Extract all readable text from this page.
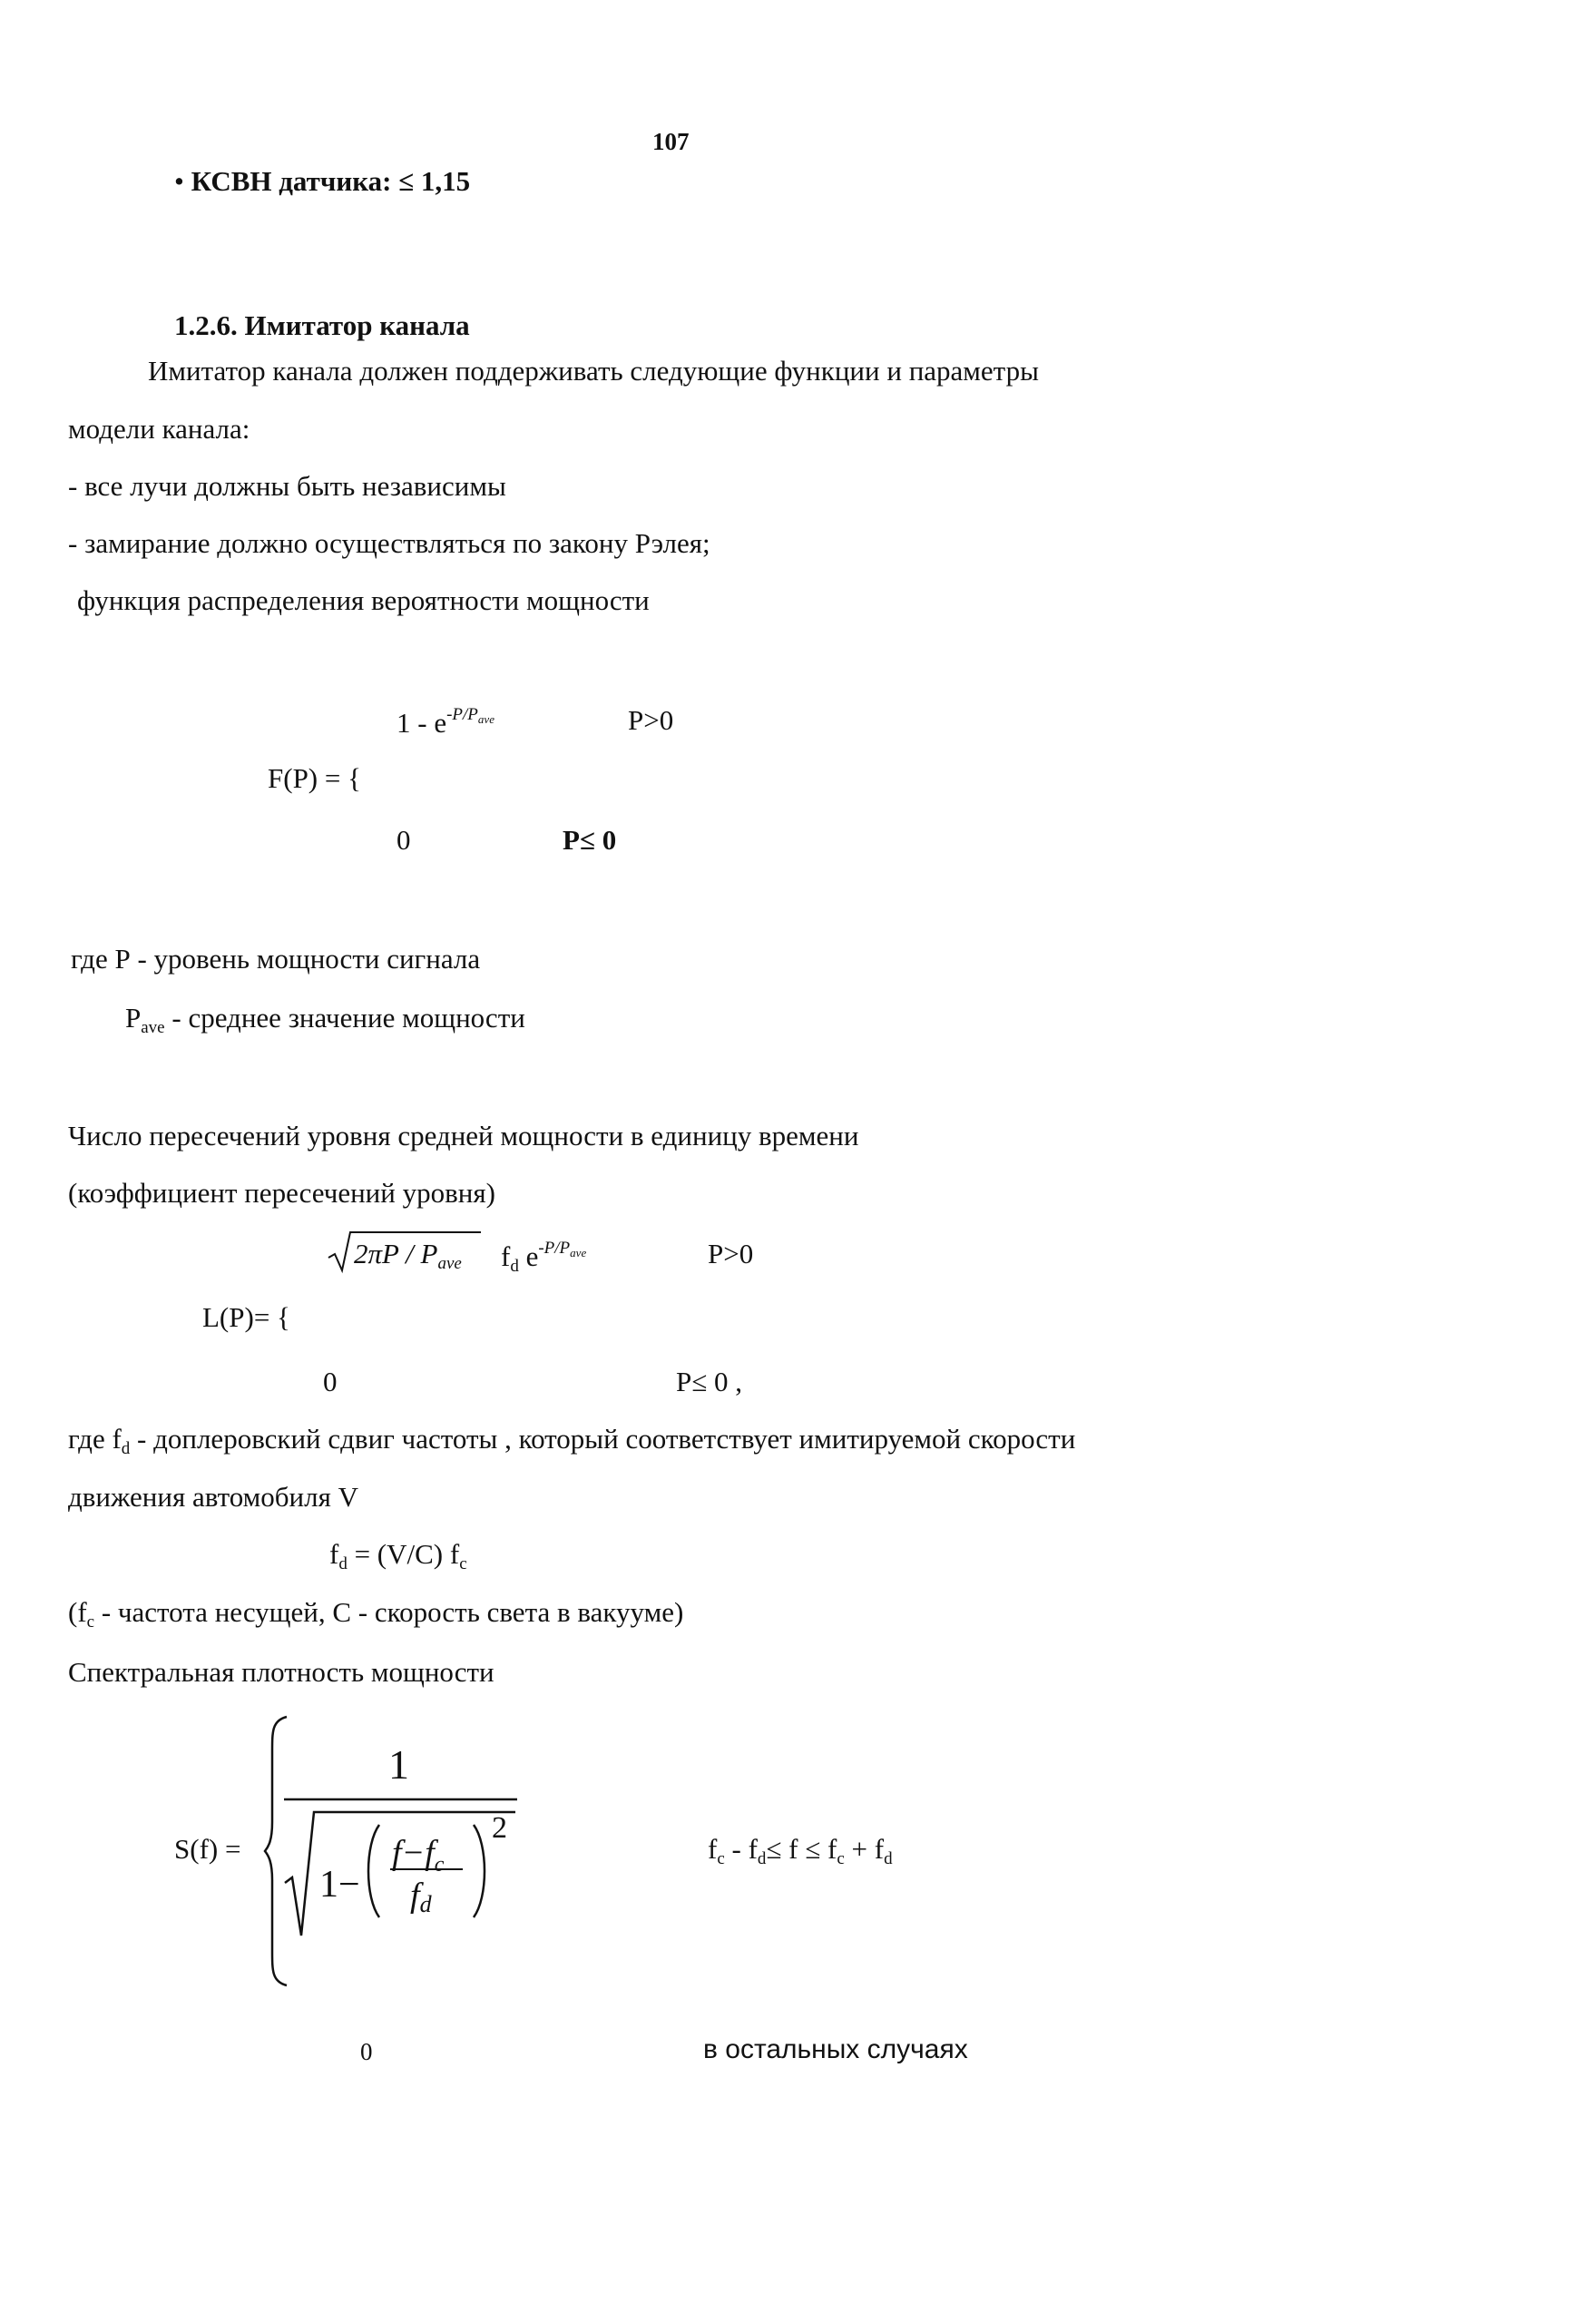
107
• КСВН датчика: ≤ 1,15
1.2.6. Имитатор канала
Имитатор канала должен поддерживать следующие функции и параметры
модели канала:
- все лучи должны быть независимы
- замирание должно осуществляться по закону Рэлея;
функция распределения вероятности мощности
$1 - e^{-P/Pave}$	P>0
F(P) = {
0	P≤ 0
где Р - уровень мощности сигнала
$P_{ave}$ - среднее значение мощности
Число пересечений уровня средней мощности в единицу времени
(коэффициент пересечений уровня)
$2\pi P / P_{ave}$ $f_d$ $e^{-P/Pave}$	P>0
L(P)= {
0	P≤ 0 ,
где $f_d$ - доплеровский сдвиг частоты , который соответствует имитируемой скорости
движения автомобиля V
$f_d = (V/C)$ $f_c$
($f_c$ - частота несущей, С - скорость света в вакууме)
Спектральная плотность мощности
S(f) =
1
1−
$f-f_c$
fd
2
$f_c - f_d\le f \le f_c + f_d$
0	в остальных случаях
